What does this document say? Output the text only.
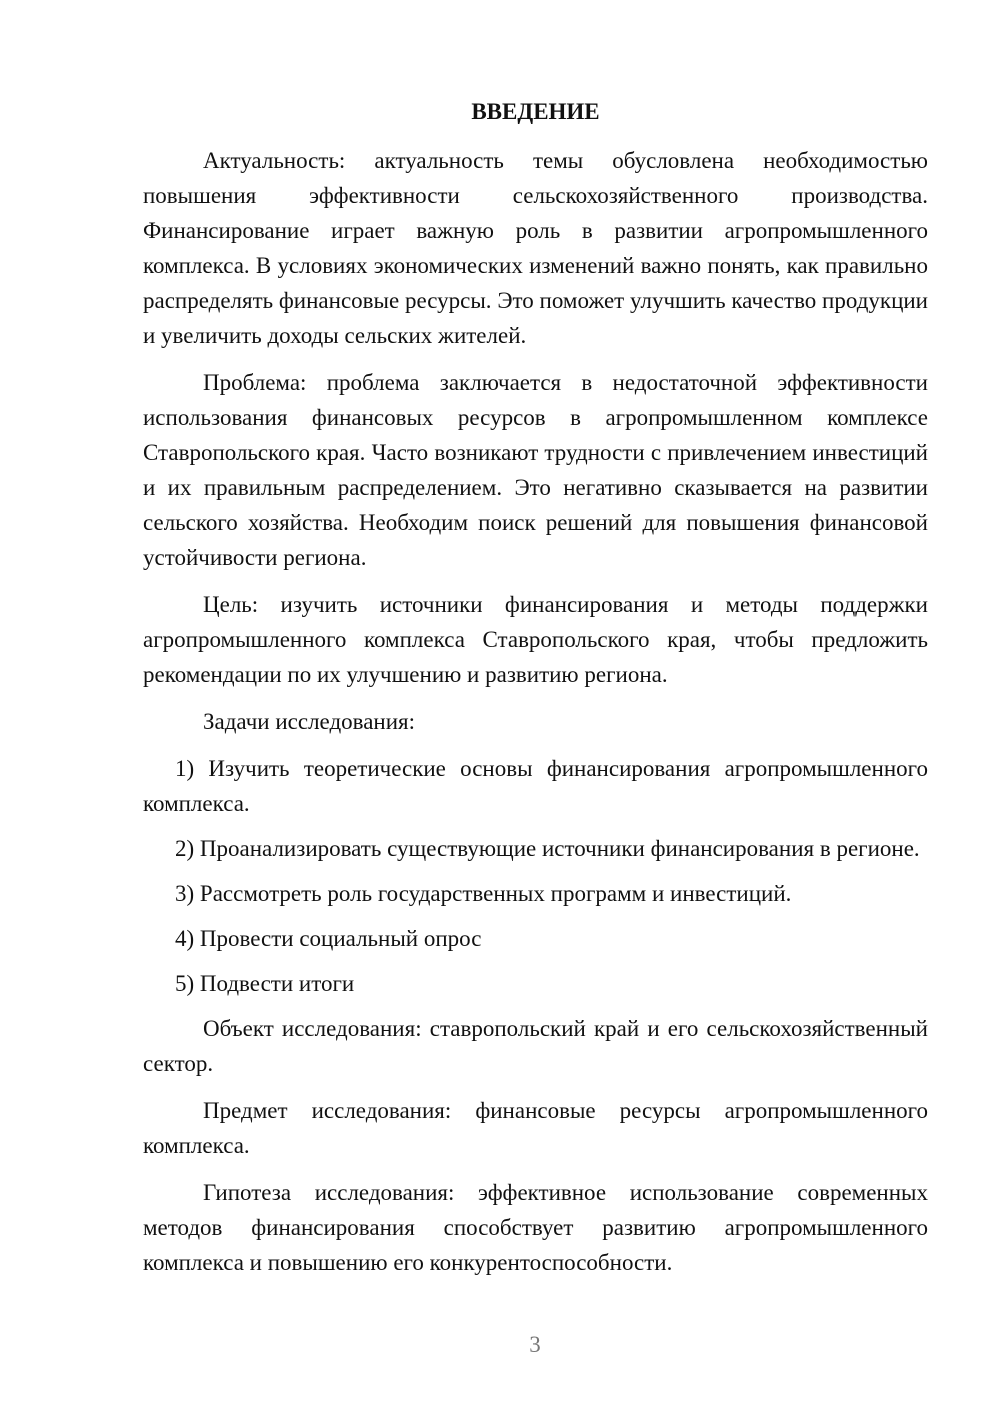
ВВЕДЕНИЕ

Актуальность: актуальность темы обусловлена необходимостью повышения эффективности сельскохозяйственного производства. Финансирование играет важную роль в развитии агропромышленного комплекса. В условиях экономических изменений важно понять, как правильно распределять финансовые ресурсы. Это поможет улучшить качество продукции и увеличить доходы сельских жителей.

Проблема: проблема заключается в недостаточной эффективности использования финансовых ресурсов в агропромышленном комплексе Ставропольского края. Часто возникают трудности с привлечением инвестиций и их правильным распределением. Это негативно сказывается на развитии сельского хозяйства. Необходим поиск решений для повышения финансовой устойчивости региона.

Цель: изучить источники финансирования и методы поддержки агропромышленного комплекса Ставропольского края, чтобы предложить рекомендации по их улучшению и развитию региона.

Задачи исследования:

1) Изучить теоретические основы финансирования агропромышленного комплекса.

2) Проанализировать существующие источники финансирования в регионе.

3) Рассмотреть роль государственных программ и инвестиций.

4) Провести социальный опрос

5) Подвести итоги

Объект исследования: ставропольский край и его сельскохозяйственный сектор.

Предмет исследования: финансовые ресурсы агропромышленного комплекса.

Гипотеза исследования: эффективное использование современных методов финансирования способствует развитию агропромышленного комплекса и повышению его конкурентоспособности.

3
